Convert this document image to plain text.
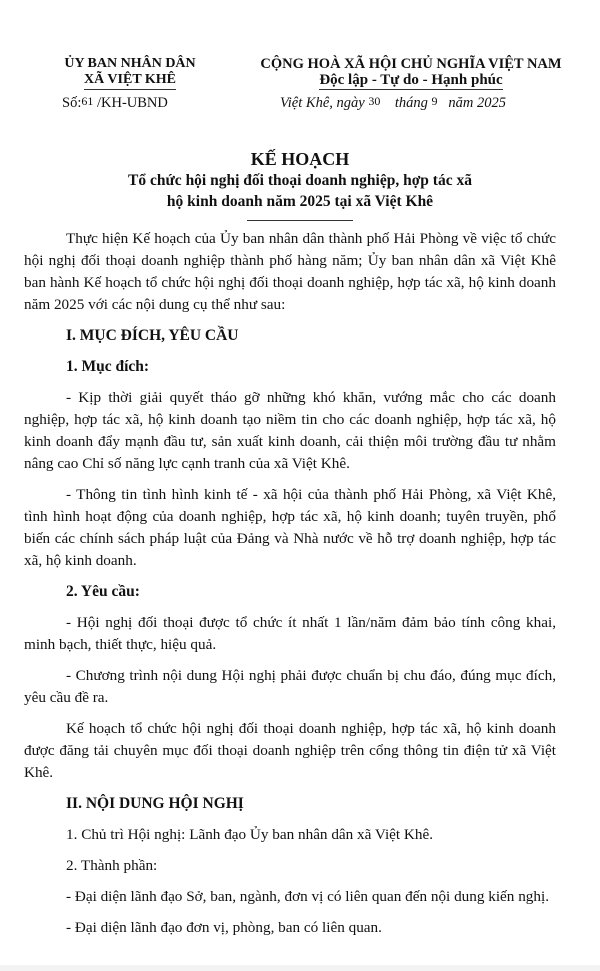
ỦY BAN NHÂN DÂN
XÃ VIỆT KHÊ
CỘNG HOÀ XÃ HỘI CHỦ NGHĨA VIỆT NAM
Độc lập - Tự do - Hạnh phúc
Số:61 /KH-UBND	Việt Khê, ngày 30    tháng 9   năm 2025
KẾ HOẠCH
Tổ chức hội nghị đối thoại doanh nghiệp, hợp tác xã
hộ kinh doanh năm 2025 tại xã Việt Khê

Thực hiện Kế hoạch của Ủy ban nhân dân thành phố Hải Phòng về việc tổ chức hội nghị đối thoại doanh nghiệp thành phố hàng năm; Ủy ban nhân dân xã Việt Khê ban hành Kế hoạch tổ chức hội nghị đối thoại doanh nghiệp, hợp tác xã, hộ kinh doanh năm 2025 với các nội dung cụ thể như sau:

I. MỤC ĐÍCH, YÊU CẦU
1. Mục đích:

- Kịp thời giải quyết tháo gỡ những khó khăn, vướng mắc cho các doanh nghiệp, hợp tác xã, hộ kinh doanh tạo niềm tin cho các doanh nghiệp, hợp tác xã, hộ kinh doanh đẩy mạnh đầu tư, sản xuất kinh doanh, cải thiện môi trường đầu tư nhằm nâng cao Chỉ số năng lực cạnh tranh của xã Việt Khê.

- Thông tin tình hình kinh tế - xã hội của thành phố Hải Phòng, xã Việt Khê, tình hình hoạt động của doanh nghiệp, hợp tác xã, hộ kinh doanh; tuyên truyền, phổ biến các chính sách pháp luật của Đảng và Nhà nước về hỗ trợ doanh nghiệp, hợp tác xã, hộ kinh doanh.

2. Yêu cầu:

- Hội nghị đối thoại được tổ chức ít nhất 1 lần/năm đảm bảo tính công khai, minh bạch, thiết thực, hiệu quả.

- Chương trình nội dung Hội nghị phải được chuẩn bị chu đáo, đúng mục đích, yêu cầu đề ra.

Kế hoạch tổ chức hội nghị đối thoại doanh nghiệp, hợp tác xã, hộ kinh doanh được đăng tải chuyên mục đối thoại doanh nghiệp trên cổng thông tin điện tử xã Việt Khê.

II. NỘI DUNG HỘI NGHỊ
1. Chủ trì Hội nghị: Lãnh đạo Ủy ban nhân dân xã Việt Khê.
2. Thành phần:

- Đại diện lãnh đạo Sở, ban, ngành, đơn vị có liên quan đến nội dung kiến nghị.

- Đại diện lãnh đạo đơn vị, phòng, ban có liên quan.
